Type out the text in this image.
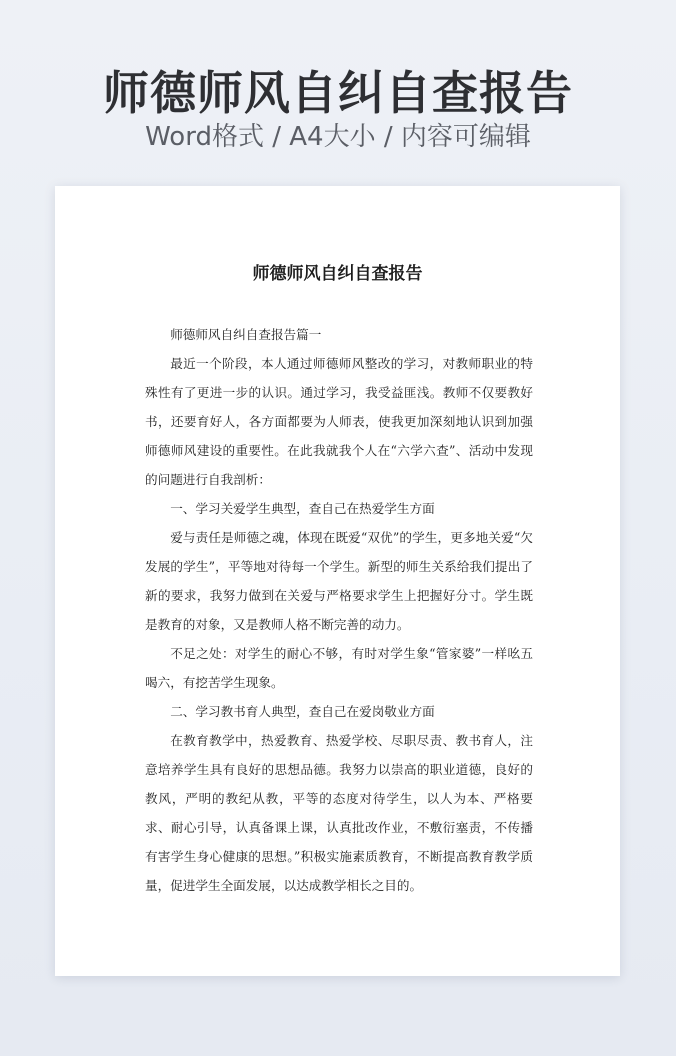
师德师风自纠自查报告
Word格式 / A4大小 / 内容可编辑
师德师风自纠自查报告

师德师风自纠自查报告篇一

最近一个阶段，本人通过师德师风整改的学习，对教师职业的特殊性有了更进一步的认识。通过学习，我受益匪浅。教师不仅要教好书，还要育好人，各方面都要为人师表，使我更加深刻地认识到加强师德师风建设的重要性。在此我就我个人在“六学六查”、活动中发现的问题进行自我剖析：

一、学习关爱学生典型，查自己在热爱学生方面

爱与责任是师德之魂，体现在既爱“双优”的学生，更多地关爱“欠发展的学生”，平等地对待每一个学生。新型的师生关系给我们提出了新的要求，我努力做到在关爱与严格要求学生上把握好分寸。学生既是教育的对象，又是教师人格不断完善的动力。

不足之处：对学生的耐心不够，有时对学生象“管家婆”一样吆五喝六，有挖苦学生现象。

二、学习教书育人典型，查自己在爱岗敬业方面

在教育教学中，热爱教育、热爱学校、尽职尽责、教书育人，注意培养学生具有良好的思想品德。我努力以崇高的职业道德，良好的教风，严明的教纪从教，平等的态度对待学生，以人为本、严格要求、耐心引导，认真备课上课，认真批改作业，不敷衍塞责，不传播有害学生身心健康的思想。”积极实施素质教育，不断提高教育教学质量，促进学生全面发展，以达成教学相长之目的。
